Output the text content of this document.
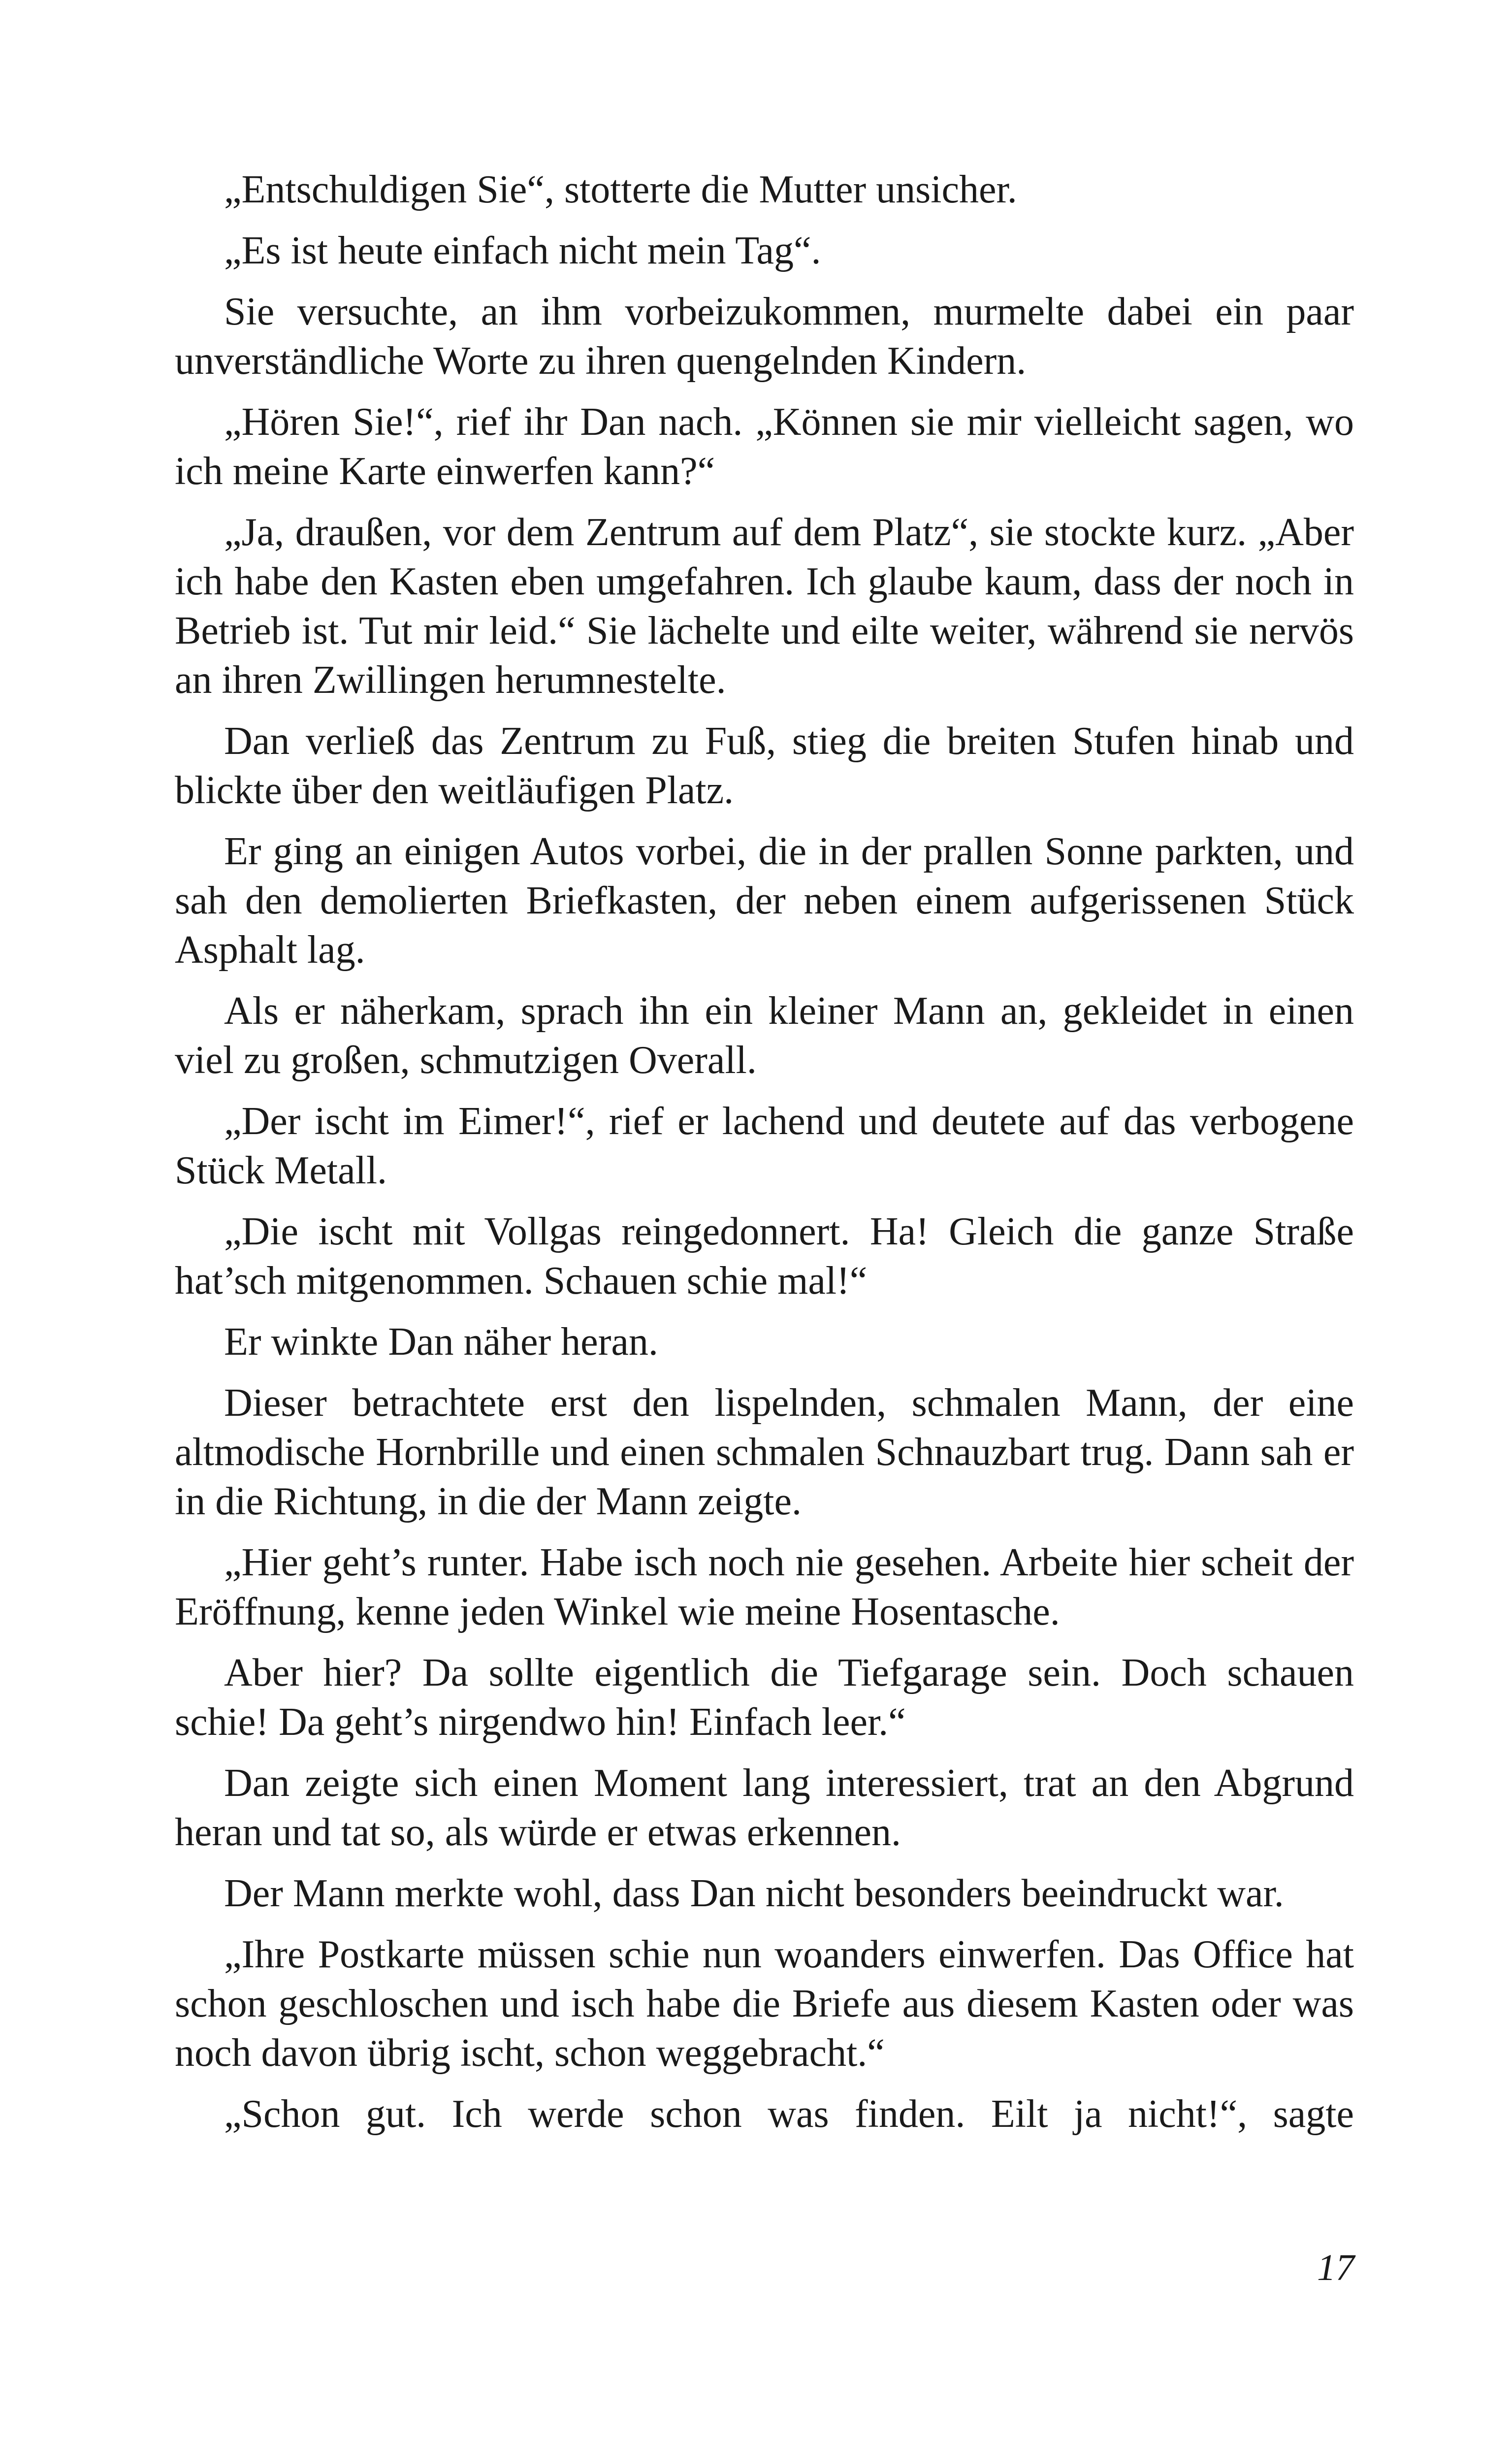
„Entschuldigen Sie“, stotterte die Mutter unsicher.

„Es ist heute einfach nicht mein Tag“.

Sie versuchte, an ihm vorbeizukommen, murmelte dabei ein paar unverständliche Worte zu ihren quengelnden Kindern.

„Hören Sie!“, rief ihr Dan nach. „Können sie mir vielleicht sagen, wo ich meine Karte einwerfen kann?“

„Ja, draußen, vor dem Zentrum auf dem Platz“, sie stockte kurz. „Aber ich habe den Kasten eben umgefahren. Ich glaube kaum, dass der noch in Betrieb ist. Tut mir leid.“ Sie lächelte und eilte weiter, während sie nervös an ihren Zwillingen herumnestelte.

Dan verließ das Zentrum zu Fuß, stieg die breiten Stufen hinab und blickte über den weitläufigen Platz.

Er ging an einigen Autos vorbei, die in der prallen Sonne parkten, und sah den demolierten Briefkasten, der neben einem aufgerissenen Stück Asphalt lag.

Als er näherkam, sprach ihn ein kleiner Mann an, gekleidet in einen viel zu großen, schmutzigen Overall.

„Der ischt im Eimer!“, rief er lachend und deutete auf das verbogene Stück Metall.

„Die ischt mit Vollgas reingedonnert. Ha! Gleich die ganze Straße hat’sch mitgenommen. Schauen schie mal!“

Er winkte Dan näher heran.

Dieser betrachtete erst den lispelnden, schmalen Mann, der eine altmodische Hornbrille und einen schmalen Schnauzbart trug. Dann sah er in die Richtung, in die der Mann zeigte.

„Hier geht’s runter. Habe isch noch nie gesehen. Arbeite hier scheit der Eröffnung, kenne jeden Winkel wie meine Hosentasche.

Aber hier? Da sollte eigentlich die Tiefgarage sein. Doch schauen schie! Da geht’s nirgendwo hin! Einfach leer.“

Dan zeigte sich einen Moment lang interessiert, trat an den Abgrund heran und tat so, als würde er etwas erkennen.

Der Mann merkte wohl, dass Dan nicht besonders beeindruckt war.

„Ihre Postkarte müssen schie nun woanders einwerfen. Das Office hat schon geschloschen und isch habe die Briefe aus diesem Kasten oder was noch davon übrig ischt, schon weggebracht.“

„Schon gut. Ich werde schon was finden. Eilt ja nicht!“, sagte

17
